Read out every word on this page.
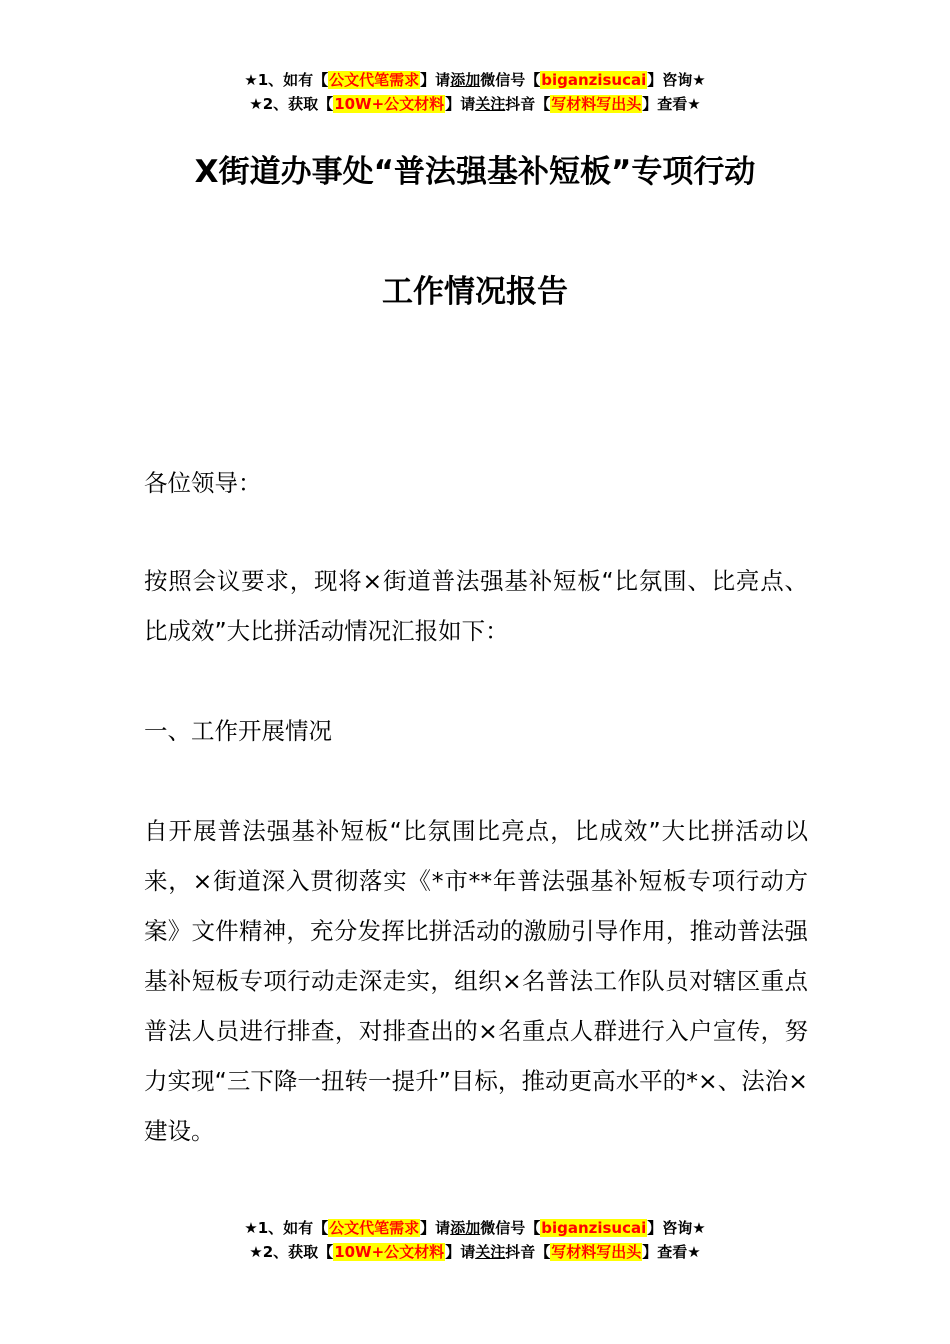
★1、如有【公文代笔需求】请添加微信号【biganzisucai】咨询★
★2、获取【10W+公文材料】请关注抖音【写材料写出头】查看★
X街道办事处“普法强基补短板”专项行动
工作情况报告
各位领导：
按照会议要求，现将×街道普法强基补短板“比氛围、比亮点、比成效”大比拼活动情况汇报如下：
一、工作开展情况
自开展普法强基补短板“比氛围比亮点，比成效”大比拼活动以来，×街道深入贯彻落实《*市**年普法强基补短板专项行动方案》文件精神，充分发挥比拼活动的激励引导作用，推动普法强基补短板专项行动走深走实，组织×名普法工作队员对辖区重点普法人员进行排查，对排查出的×名重点人群进行入户宣传，努力实现“三下降一扭转一提升”目标，推动更高水平的*×、法治×建设。
★1、如有【公文代笔需求】请添加微信号【biganzisucai】咨询★
★2、获取【10W+公文材料】请关注抖音【写材料写出头】查看★
